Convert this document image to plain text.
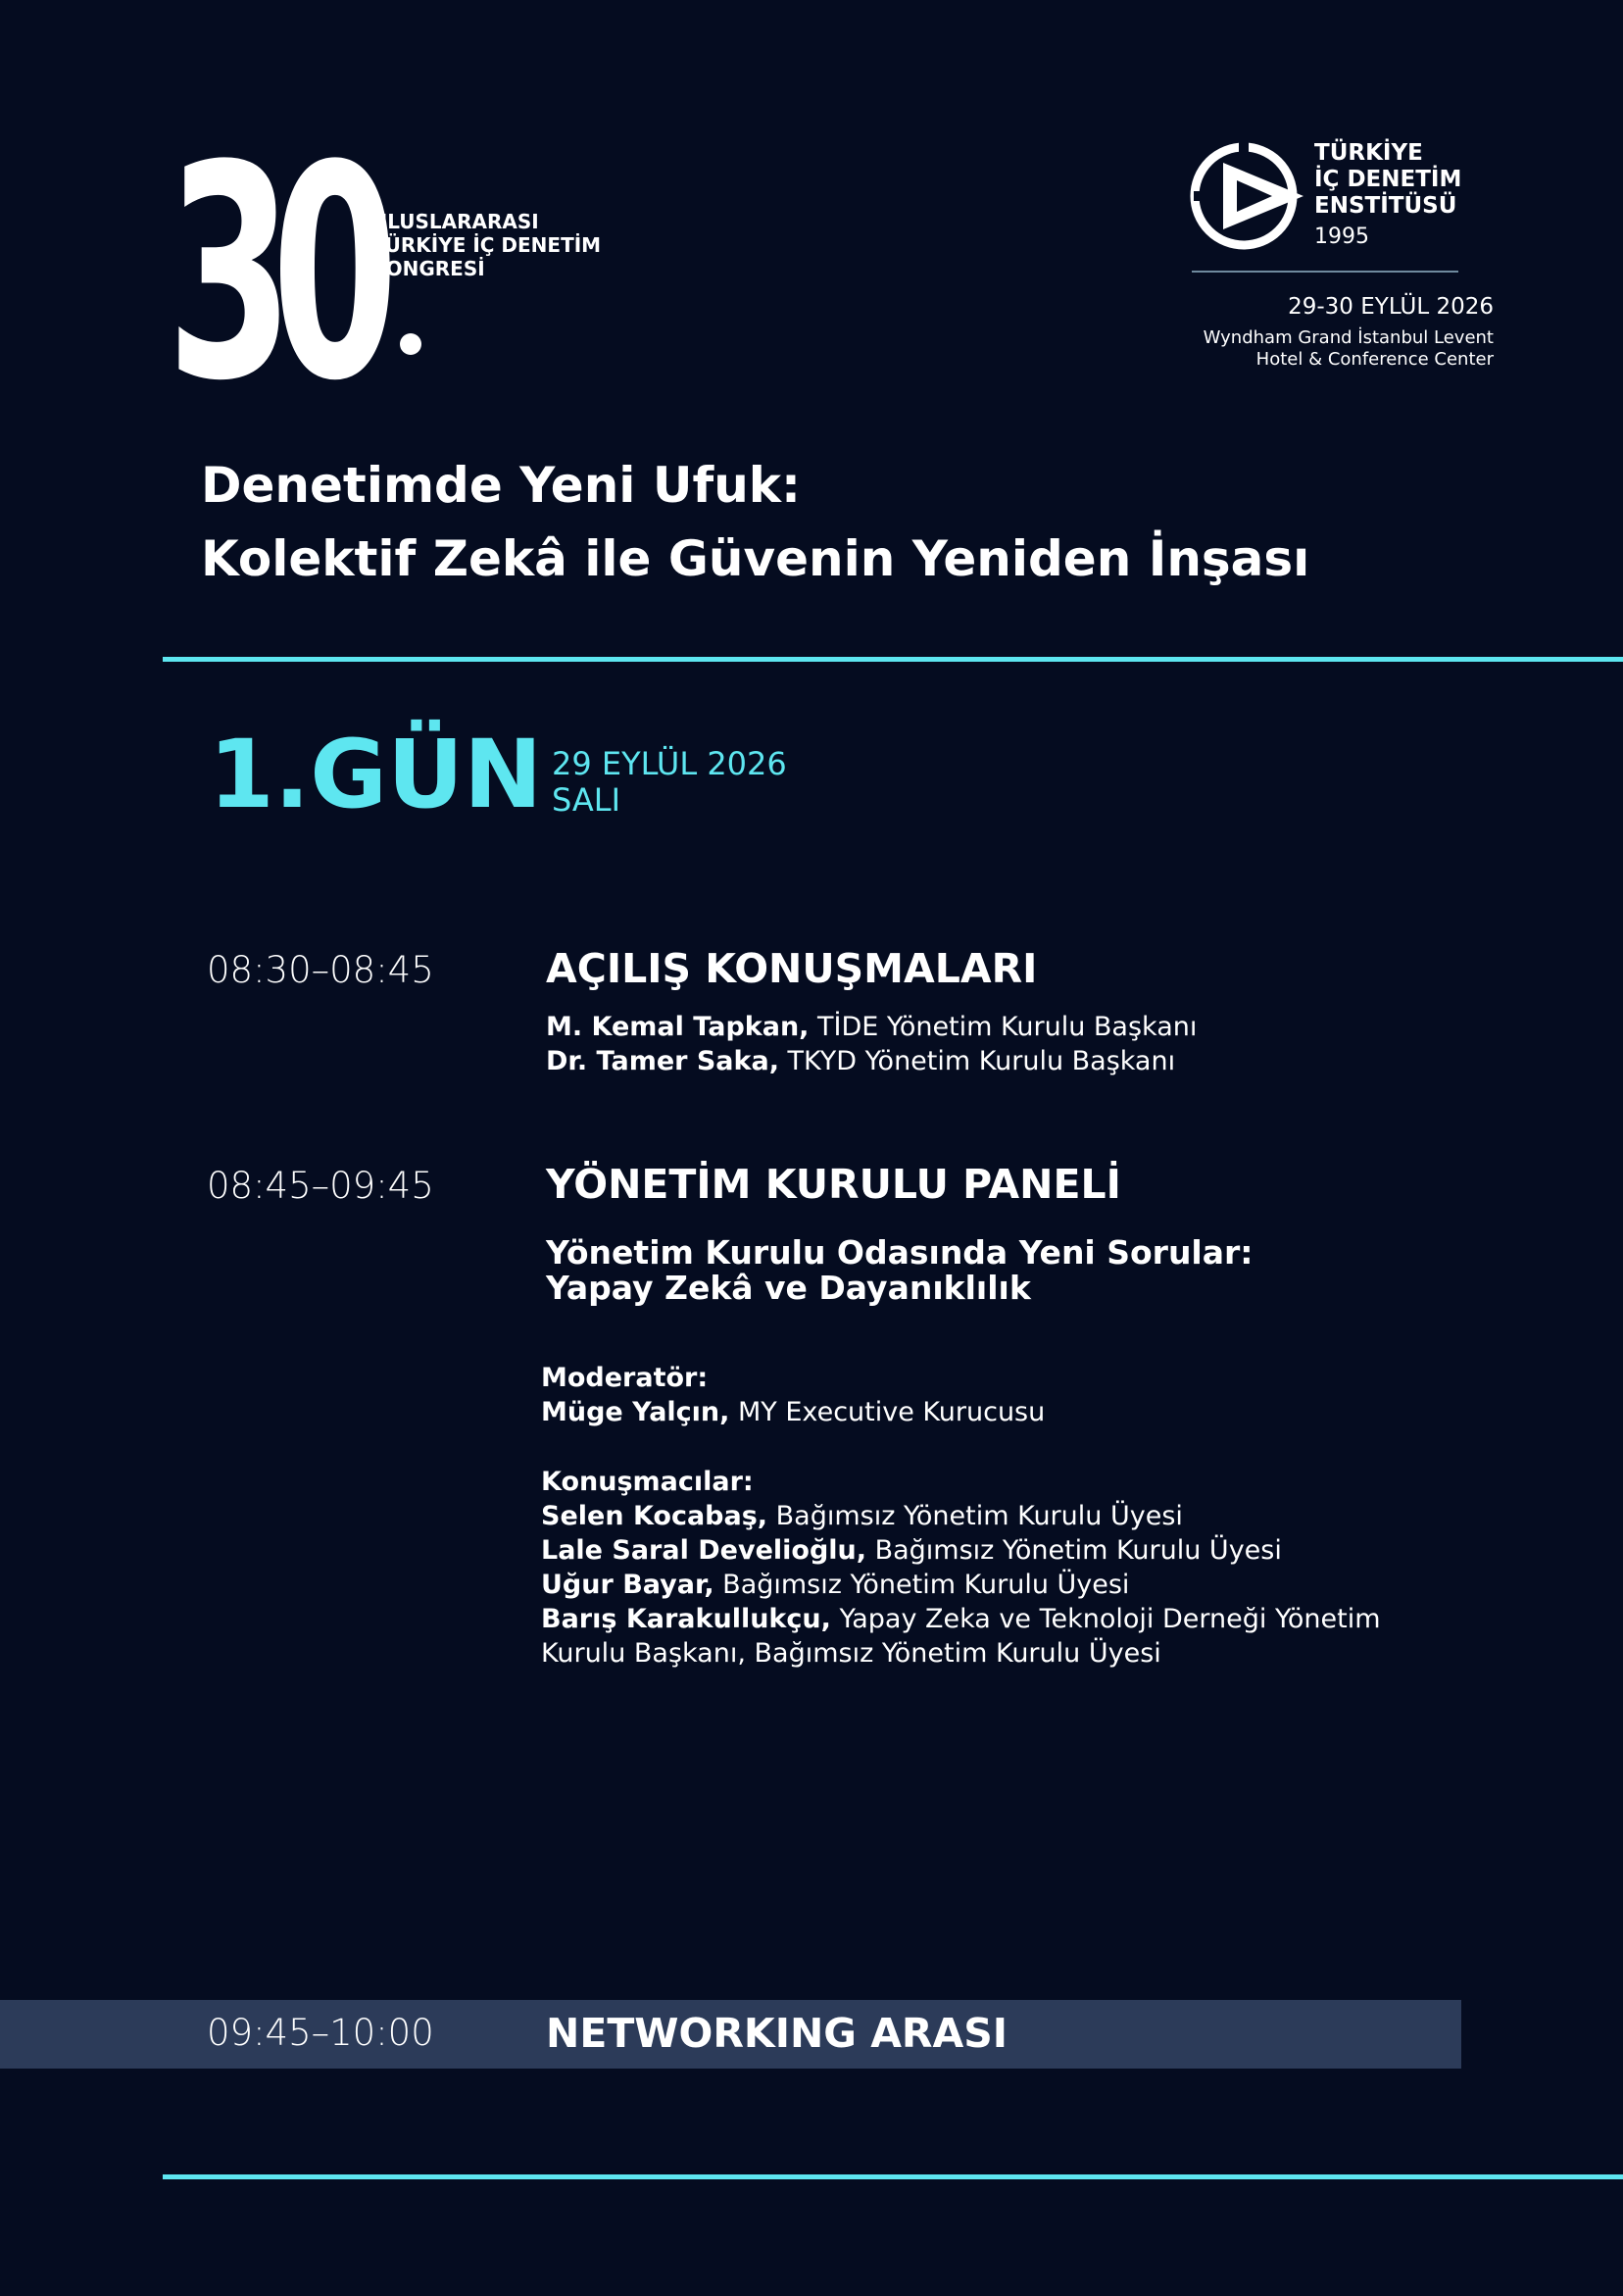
30
ULUSLARARASI
TÜRKİYE İÇ DENETİM
KONGRESİ
TÜRKİYE
İÇ DENETİM
ENSTİTÜSÜ
1995
29-30 EYLÜL 2026
Wyndham Grand İstanbul Levent
Hotel & Conference Center
Denetimde Yeni Ufuk:
Kolektif Zekâ ile Güvenin Yeniden İnşası
1.GÜN 29 EYLÜL 2026
SALI
08:30–08:45	AÇILIŞ KONUŞMALARI
M. Kemal Tapkan, TİDE Yönetim Kurulu Başkanı
Dr. Tamer Saka, TKYD Yönetim Kurulu Başkanı
08:45–09:45	YÖNETİM KURULU PANELİ
Yönetim Kurulu Odasında Yeni Sorular:
Yapay Zekâ ve Dayanıklılık
Moderatör:
Müge Yalçın, MY Executive Kurucusu
Konuşmacılar:
Selen Kocabaş, Bağımsız Yönetim Kurulu Üyesi
Lale Saral Develioğlu, Bağımsız Yönetim Kurulu Üyesi
Uğur Bayar, Bağımsız Yönetim Kurulu Üyesi
Barış Karakullukçu, Yapay Zeka ve Teknoloji Derneği Yönetim
Kurulu Başkanı, Bağımsız Yönetim Kurulu Üyesi
09:45–10:00	NETWORKING ARASI
